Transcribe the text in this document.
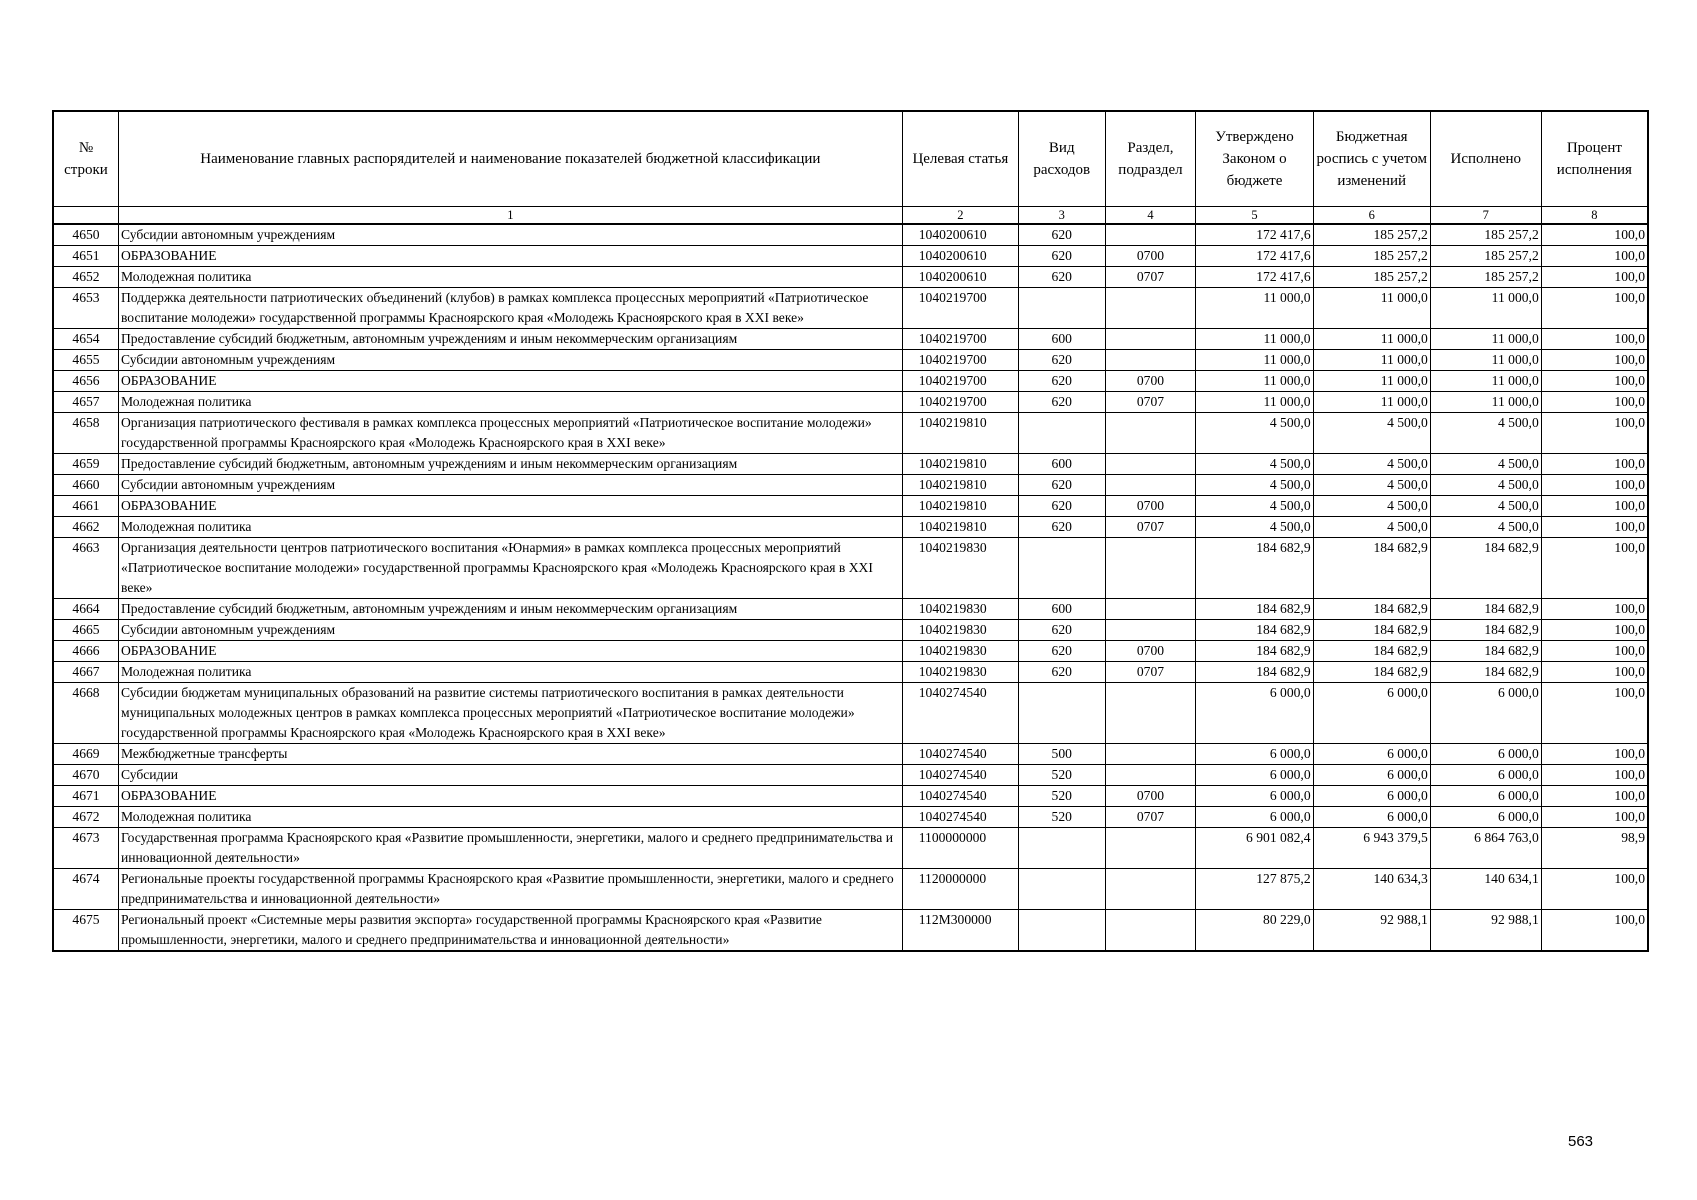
№ строки	Наименование главных распорядителей и наименование показателей бюджетной классификации	Целевая статья	Вид расходов	Раздел, подраздел	Утверждено Законом о бюджете	Бюджетная роспись с учетом изменений	Исполнено	Процент исполнения
	1	2	3	4	5	6	7	8
4650	Субсидии автономным учреждениям	1040200610	620		172 417,6	185 257,2	185 257,2	100,0
4651	ОБРАЗОВАНИЕ	1040200610	620	0700	172 417,6	185 257,2	185 257,2	100,0
4652	Молодежная политика	1040200610	620	0707	172 417,6	185 257,2	185 257,2	100,0
4653	Поддержка деятельности патриотических объединений (клубов) в рамках комплекса процессных мероприятий «Патриотическое воспитание молодежи» государственной программы Красноярского края «Молодежь Красноярского края в XXI веке»	1040219700			11 000,0	11 000,0	11 000,0	100,0
4654	Предоставление субсидий бюджетным, автономным учреждениям и иным некоммерческим организациям	1040219700	600		11 000,0	11 000,0	11 000,0	100,0
4655	Субсидии автономным учреждениям	1040219700	620		11 000,0	11 000,0	11 000,0	100,0
4656	ОБРАЗОВАНИЕ	1040219700	620	0700	11 000,0	11 000,0	11 000,0	100,0
4657	Молодежная политика	1040219700	620	0707	11 000,0	11 000,0	11 000,0	100,0
4658	Организация патриотического фестиваля в рамках комплекса процессных мероприятий «Патриотическое воспитание молодежи» государственной программы Красноярского края «Молодежь Красноярского края в XXI веке»	1040219810			4 500,0	4 500,0	4 500,0	100,0
4659	Предоставление субсидий бюджетным, автономным учреждениям и иным некоммерческим организациям	1040219810	600		4 500,0	4 500,0	4 500,0	100,0
4660	Субсидии автономным учреждениям	1040219810	620		4 500,0	4 500,0	4 500,0	100,0
4661	ОБРАЗОВАНИЕ	1040219810	620	0700	4 500,0	4 500,0	4 500,0	100,0
4662	Молодежная политика	1040219810	620	0707	4 500,0	4 500,0	4 500,0	100,0
4663	Организация деятельности центров патриотического воспитания «Юнармия» в рамках комплекса процессных мероприятий «Патриотическое воспитание молодежи» государственной программы Красноярского края «Молодежь Красноярского края в XXI веке»	1040219830			184 682,9	184 682,9	184 682,9	100,0
4664	Предоставление субсидий бюджетным, автономным учреждениям и иным некоммерческим организациям	1040219830	600		184 682,9	184 682,9	184 682,9	100,0
4665	Субсидии автономным учреждениям	1040219830	620		184 682,9	184 682,9	184 682,9	100,0
4666	ОБРАЗОВАНИЕ	1040219830	620	0700	184 682,9	184 682,9	184 682,9	100,0
4667	Молодежная политика	1040219830	620	0707	184 682,9	184 682,9	184 682,9	100,0
4668	Субсидии бюджетам муниципальных образований на развитие системы патриотического воспитания в рамках деятельности муниципальных молодежных центров в рамках комплекса процессных мероприятий «Патриотическое воспитание молодежи» государственной программы Красноярского края «Молодежь Красноярского края в XXI веке»	1040274540			6 000,0	6 000,0	6 000,0	100,0
4669	Межбюджетные трансферты	1040274540	500		6 000,0	6 000,0	6 000,0	100,0
4670	Субсидии	1040274540	520		6 000,0	6 000,0	6 000,0	100,0
4671	ОБРАЗОВАНИЕ	1040274540	520	0700	6 000,0	6 000,0	6 000,0	100,0
4672	Молодежная политика	1040274540	520	0707	6 000,0	6 000,0	6 000,0	100,0
4673	Государственная программа Красноярского края «Развитие промышленности, энергетики, малого и среднего предпринимательства и инновационной деятельности»	1100000000			6 901 082,4	6 943 379,5	6 864 763,0	98,9
4674	Региональные проекты государственной программы Красноярского края «Развитие промышленности, энергетики, малого и среднего предпринимательства и инновационной деятельности»	1120000000			127 875,2	140 634,3	140 634,1	100,0
4675	Региональный проект «Системные меры развития экспорта» государственной программы Красноярского края «Развитие промышленности, энергетики, малого и среднего предпринимательства и инновационной деятельности»	112М300000			80 229,0	92 988,1	92 988,1	100,0
563
